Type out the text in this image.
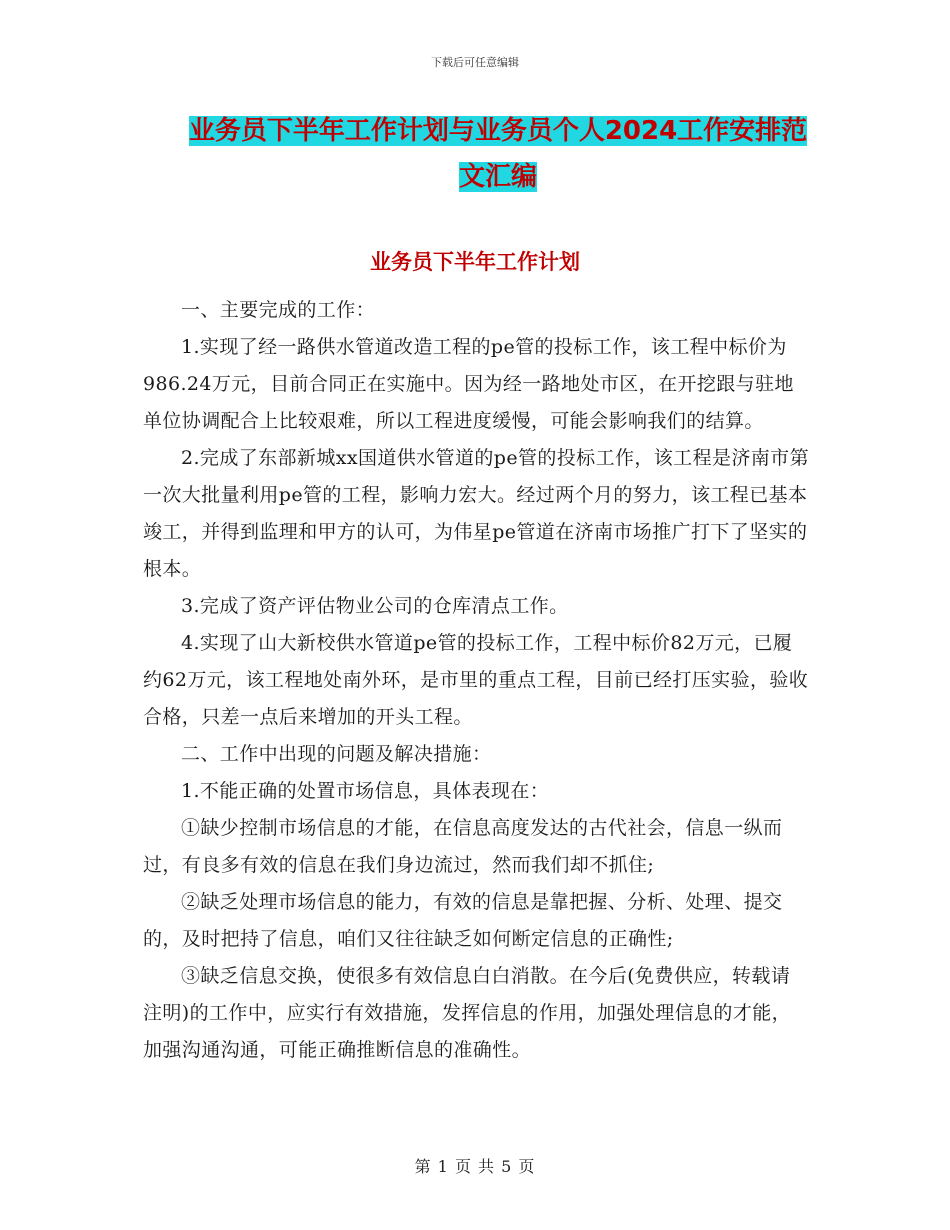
下载后可任意编辑
业务员下半年工作计划与业务员个人2024工作安排范文汇编
业务员下半年工作计划

一、主要完成的工作：

1.实现了经一路供水管道改造工程的pe管的投标工作，该工程中标价为986.24万元，目前合同正在实施中。因为经一路地处市区，在开挖跟与驻地单位协调配合上比较艰难，所以工程进度缓慢，可能会影响我们的结算。

2.完成了东部新城xx国道供水管道的pe管的投标工作，该工程是济南市第一次大批量利用pe管的工程，影响力宏大。经过两个月的努力，该工程已基本竣工，并得到监理和甲方的认可，为伟星pe管道在济南市场推广打下了坚实的根本。

3.完成了资产评估物业公司的仓库清点工作。

4.实现了山大新校供水管道pe管的投标工作，工程中标价82万元，已履约62万元，该工程地处南外环，是市里的重点工程，目前已经打压实验，验收合格，只差一点后来增加的开头工程。

二、工作中出现的问题及解决措施：

1.不能正确的处置市场信息，具体表现在：

①缺少控制市场信息的才能，在信息高度发达的古代社会，信息一纵而过，有良多有效的信息在我们身边流过，然而我们却不抓住;

②缺乏处理市场信息的能力，有效的信息是靠把握、分析、处理、提交的，及时把持了信息，咱们又往往缺乏如何断定信息的正确性;

③缺乏信息交换，使很多有效信息白白消散。在今后(免费供应，转载请注明)的工作中，应实行有效措施，发挥信息的作用，加强处理信息的才能，加强沟通沟通，可能正确推断信息的准确性。

第 1 页 共 5 页
